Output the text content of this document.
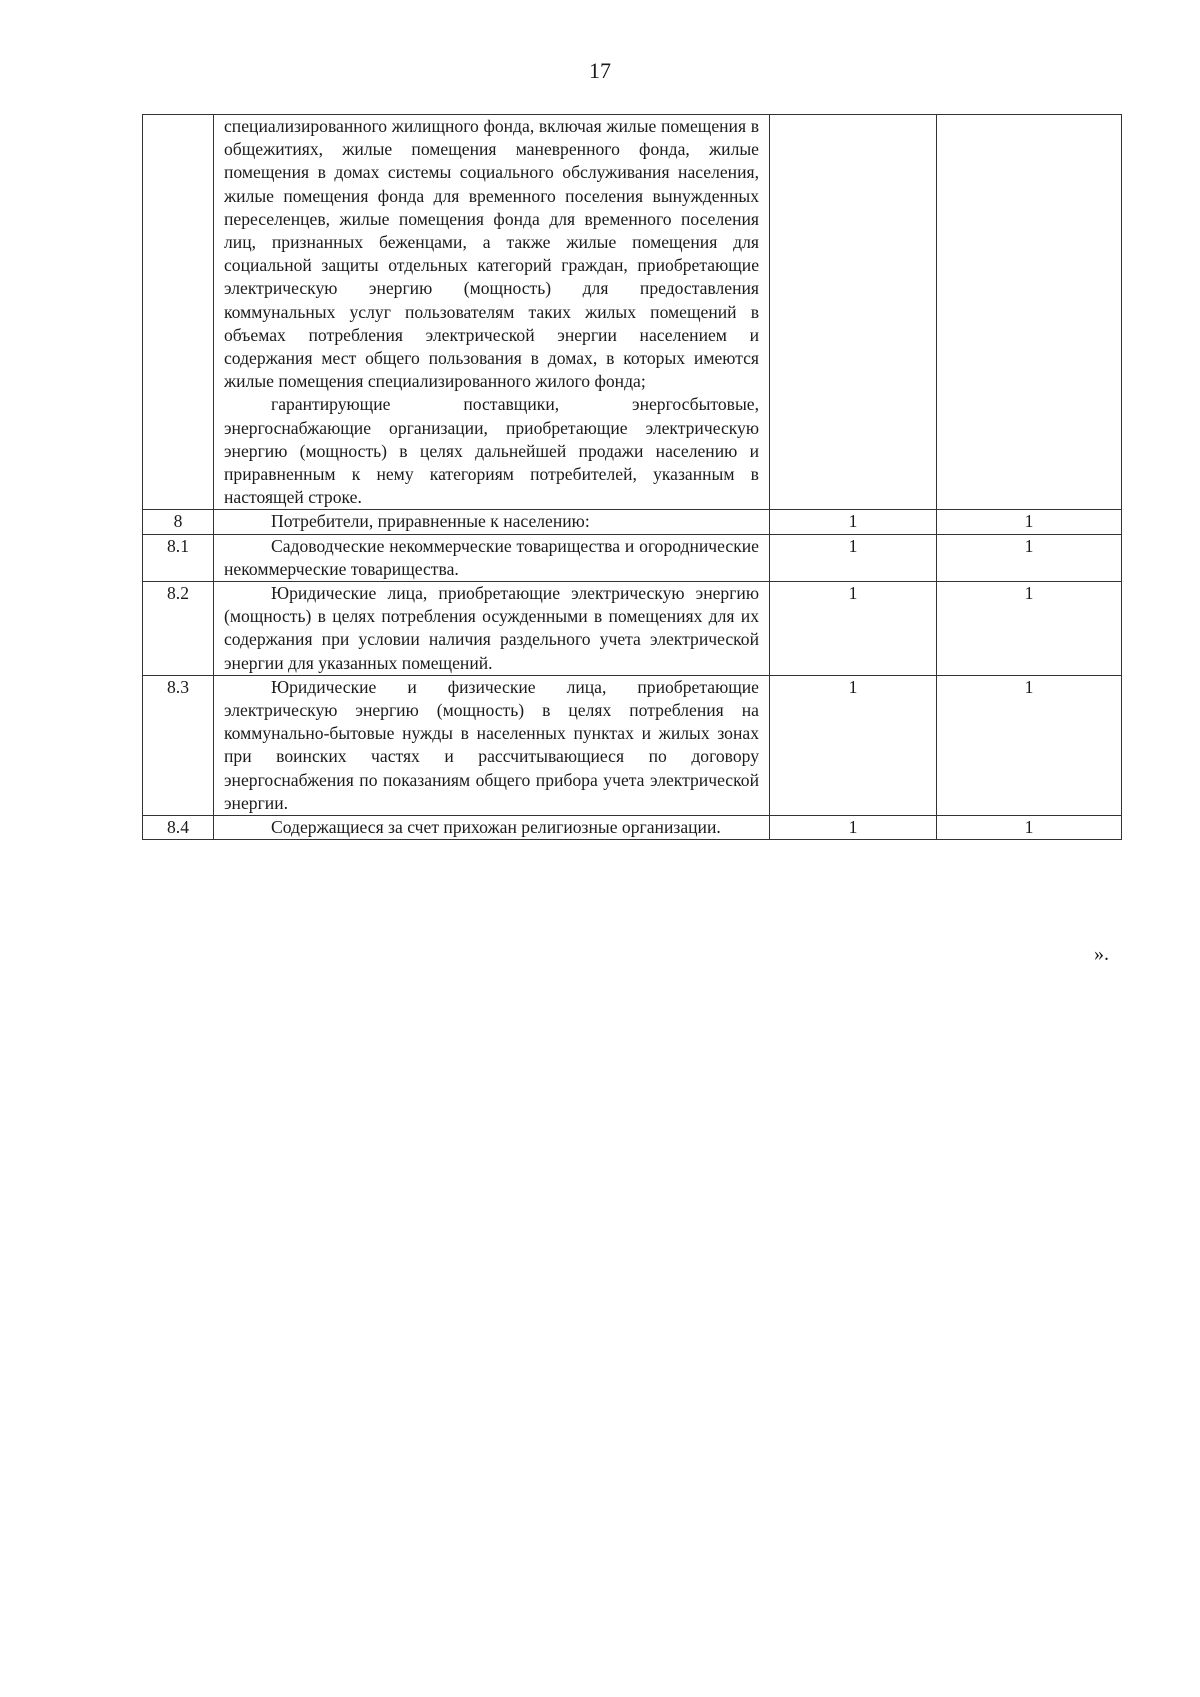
17

	специализированного жилищного фонда, включая жилые помещения в общежитиях, жилые помещения маневренного фонда, жилые помещения в домах системы социального обслуживания населения, жилые помещения фонда для временного поселения вынужденных переселенцев, жилые помещения фонда для временного поселения лиц, признанных беженцами, а также жилые помещения для социальной защиты отдельных категорий граждан, приобретающие электрическую энергию (мощность) для предоставления коммунальных услуг пользователям таких жилых помещений в объемах потребления электрической энергии населением и содержания мест общего пользования в домах, в которых имеются жилые помещения специализированного жилого фонда;

гарантирующие поставщики, энергосбытовые, энергоснабжающие организации, приобретающие электрическую энергию (мощность) в целях дальнейшей продажи населению и приравненным к нему категориям потребителей, указанным в настоящей строке.		

8	Потребители, приравненные к населению:	1	1
8.1	Садоводческие некоммерческие товарищества и огороднические некоммерческие товарищества.	1	1
8.2	Юридические лица, приобретающие электрическую энергию (мощность) в целях потребления осужденными в помещениях для их содержания при условии наличия раздельного учета электрической энергии для указанных помещений.	1	1
8.3	Юридические и физические лица, приобретающие электрическую энергию (мощность) в целях потребления на коммунально-бытовые нужды в населенных пунктах и жилых зонах при воинских частях и рассчитывающиеся по договору энергоснабжения по показаниям общего прибора учета электрической энергии.	1	1
8.4	Содержащиеся за счет прихожан религиозные организации.	1	1
».
